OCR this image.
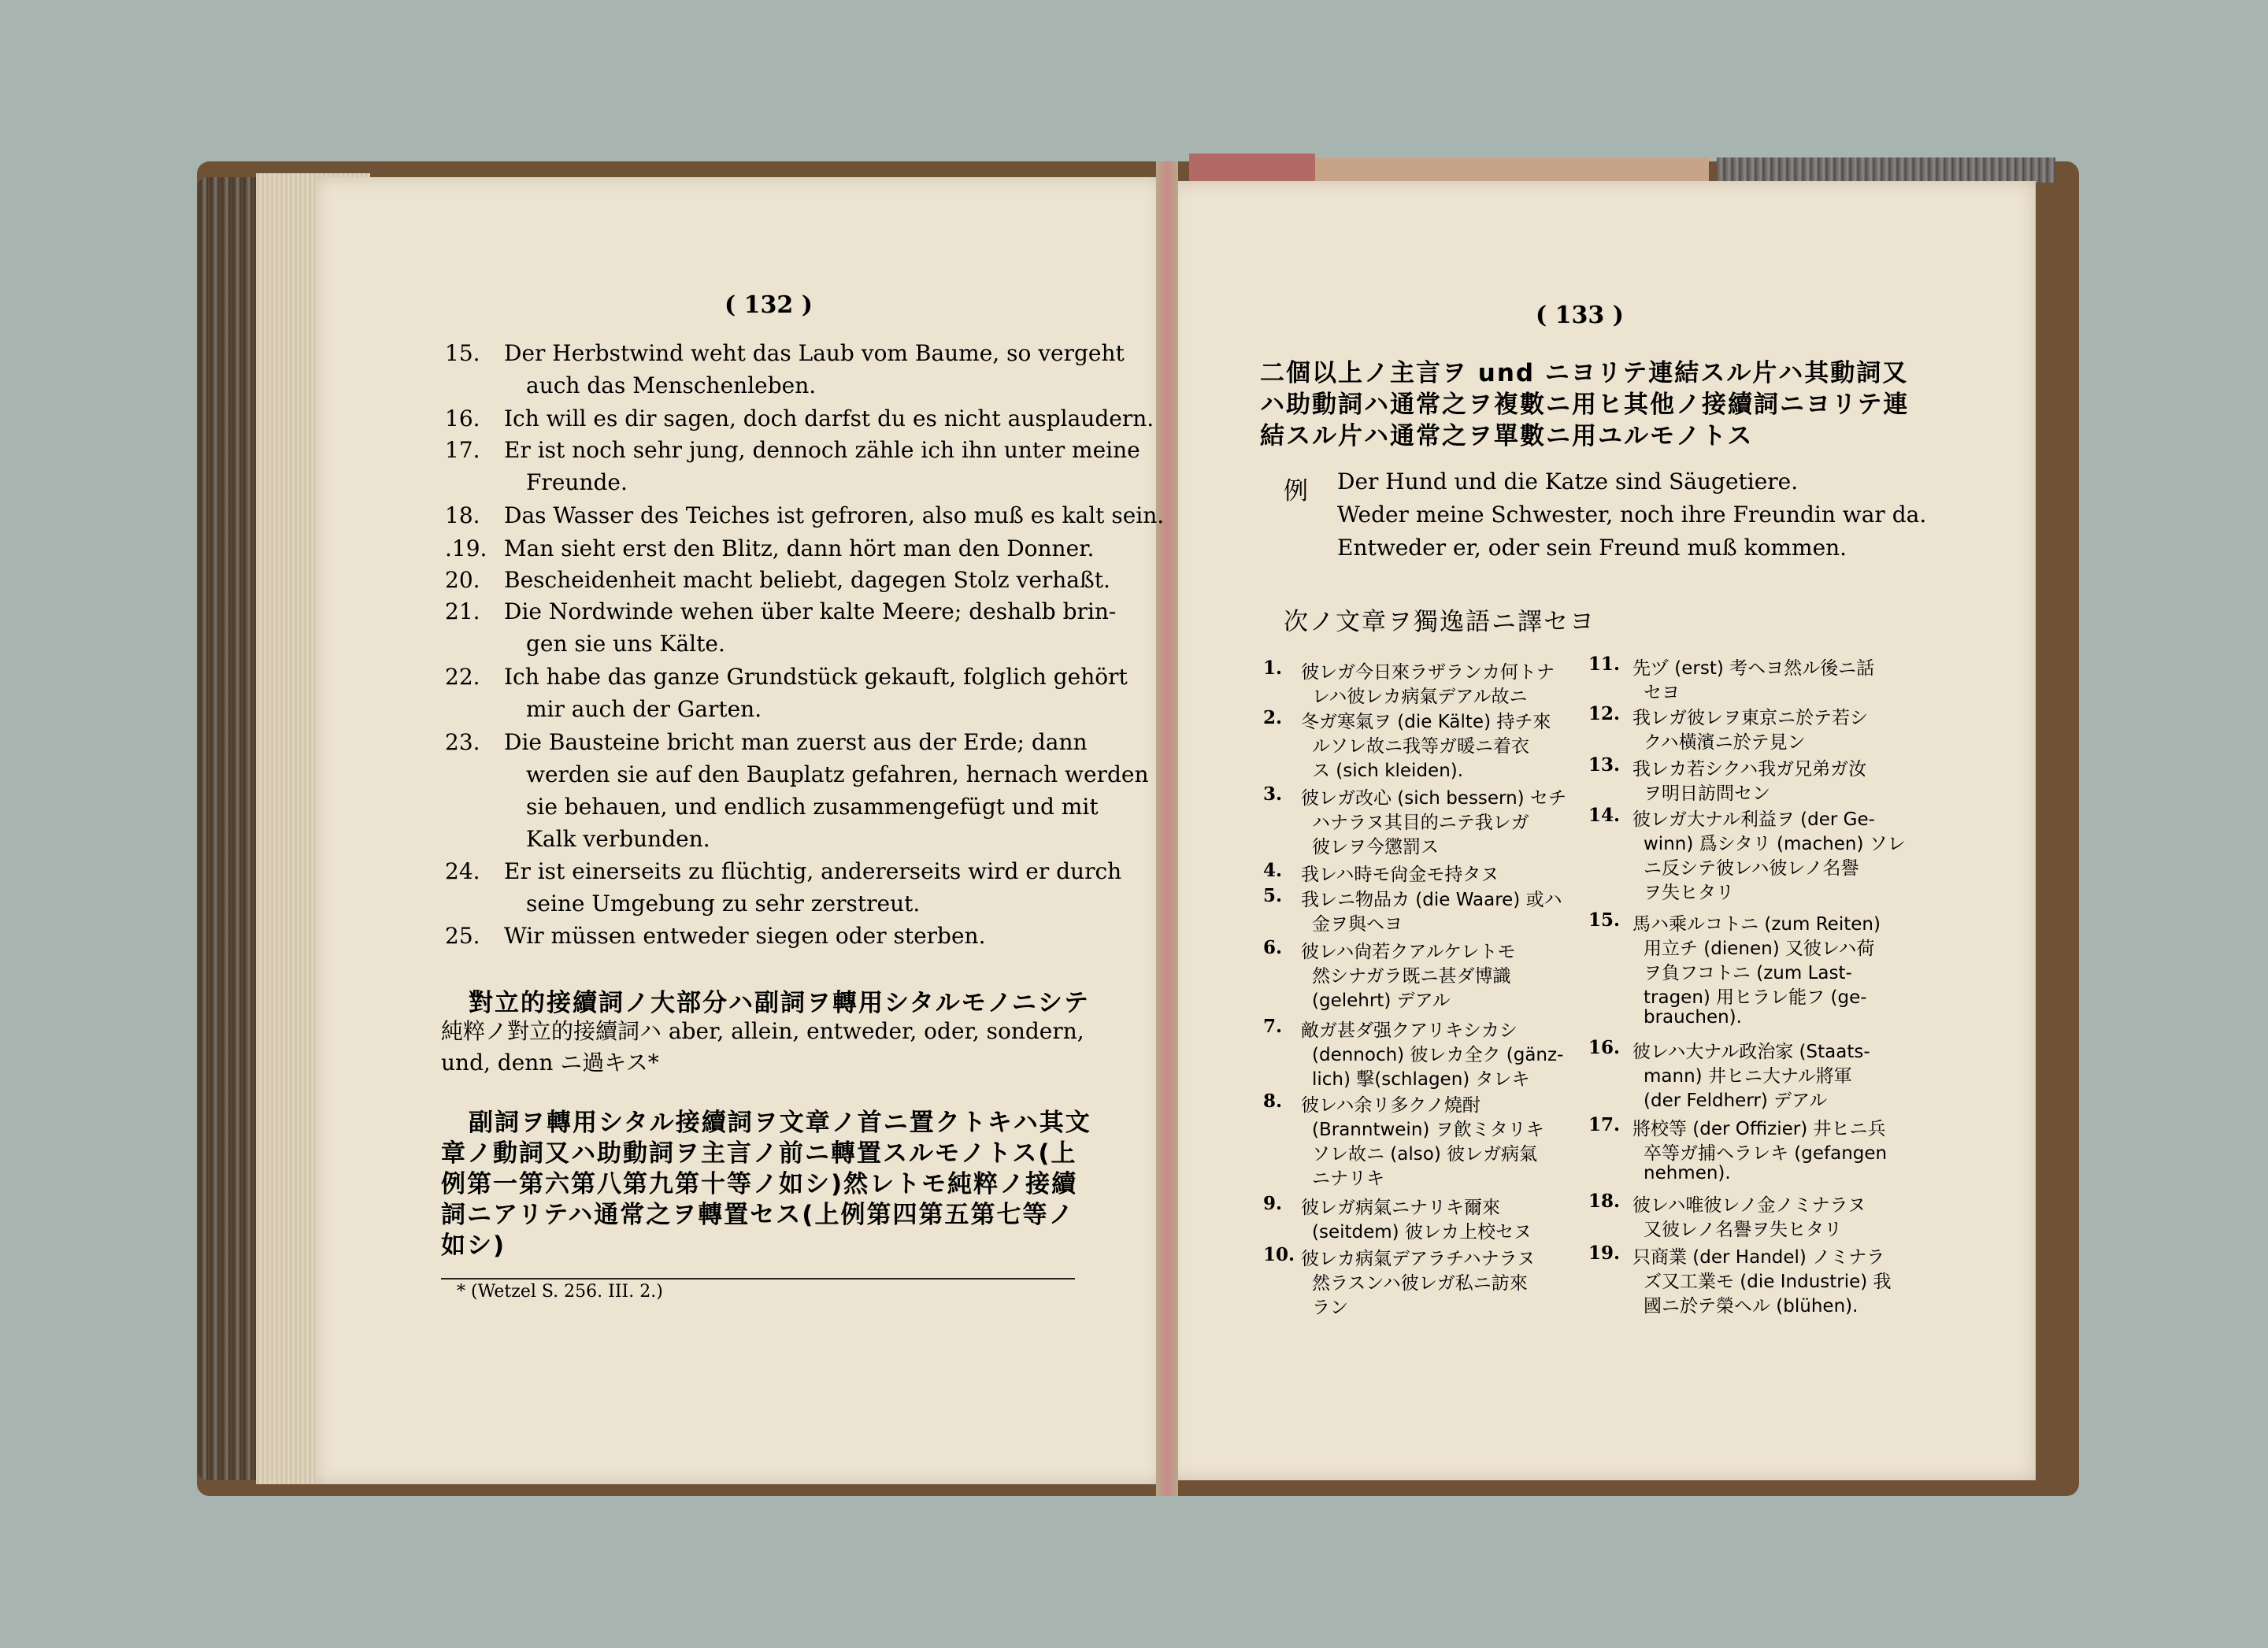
( 132 )
15. Der Herbstwind weht das Laub vom Baume, so vergeht
auch das Menschenleben.
16. Ich will es dir sagen, doch darfst du es nicht ausplaudern.
17. Er ist noch sehr jung, dennoch zähle ich ihn unter meine
Freunde.
18. Das Wasser des Teiches ist gefroren, also muß es kalt sein.
.19. Man sieht erst den Blitz, dann hört man den Donner.
20. Bescheidenheit macht beliebt, dagegen Stolz verhaßt.
21. Die Nordwinde wehen über kalte Meere; deshalb brin-
gen sie uns Kälte.
22. Ich habe das ganze Grundstück gekauft, folglich gehört
mir auch der Garten.
23. Die Bausteine bricht man zuerst aus der Erde; dann
werden sie auf den Bauplatz gefahren, hernach werden
sie behauen, und endlich zusammengefügt und mit
Kalk verbunden.
24. Er ist einerseits zu flüchtig, andererseits wird er durch
seine Umgebung zu sehr zerstreut.
25. Wir müssen entweder siegen oder sterben.
對立的接續詞ノ大部分ハ副詞ヲ轉用シタルモノニシテ
純粹ノ對立的接續詞ハ aber, allein, entweder, oder, sondern,
und, denn ニ過キス*
副詞ヲ轉用シタル接續詞ヲ文章ノ首ニ置クトキハ其文
章ノ動詞又ハ助動詞ヲ主言ノ前ニ轉置スルモノトス(上
例第一第六第八第九第十等ノ如シ)然レトモ純粹ノ接續
詞ニアリテハ通常之ヲ轉置セス(上例第四第五第七等ノ
如シ)
* (Wetzel S. 256. III. 2.)
( 133 )
二個以上ノ主言ヲ und ニヨリテ連結スル片ハ其動詞又
ハ助動詞ハ通常之ヲ複數ニ用ヒ其他ノ接續詞ニヨリテ連
結スル片ハ通常之ヲ單數ニ用ユルモノトス
例 Der Hund und die Katze sind Säugetiere.
Weder meine Schwester, noch ihre Freundin war da.
Entweder er, oder sein Freund muß kommen.
次ノ文章ヲ獨逸語ニ譯セヨ
1. 彼レガ今日來ラザランカ何トナ
レハ彼レカ病氣デアル故ニ
2. 冬ガ寒氣ヲ (die Kälte) 持チ來
ルソレ故ニ我等ガ暖ニ着衣
ス (sich kleiden).
3. 彼レガ改心 (sich bessern) セチ
ハナラヌ其目的ニテ我レガ
彼レヲ今懲罰ス
4. 我レハ時モ尙金モ持タヌ
5. 我レニ物品カ (die Waare) 或ハ
金ヲ與ヘヨ
6. 彼レハ尙若クアルケレトモ
然シナガラ既ニ甚ダ博識
(gelehrt) デアル
7. 敵ガ甚ダ强クアリキシカシ
(dennoch) 彼レカ全ク (gänz-
lich) 擊(schlagen) タレキ
8. 彼レハ余リ多クノ燒酎
(Branntwein) ヲ飮ミタリキ
ソレ故ニ (also) 彼レガ病氣
ニナリキ
9. 彼レガ病氣ニナリキ爾來
(seitdem) 彼レカ上校セヌ
10. 彼レカ病氣デアラチハナラヌ
然ラスンハ彼レガ私ニ訪來
ラン
11. 先ヅ (erst) 考ヘヨ然ル後ニ話
セヨ
12. 我レガ彼レヲ東京ニ於テ若シ
クハ橫濱ニ於テ見ン
13. 我レカ若シクハ我ガ兄弟ガ汝
ヲ明日訪問セン
14. 彼レガ大ナル利益ヲ (der Ge-
winn) 爲シタリ (machen) ソレ
ニ反シテ彼レハ彼レノ名譽
ヲ失ヒタリ
15. 馬ハ乘ルコトニ (zum Reiten)
用立チ (dienen) 又彼レハ荷
ヲ負フコトニ (zum Last-
tragen) 用ヒラレ能フ (ge-
brauchen).
16. 彼レハ大ナル政治家 (Staats-
mann) 井ヒニ大ナル將軍
(der Feldherr) デアル
17. 將校等 (der Offizier) 井ヒニ兵
卒等ガ捕ヘラレキ (gefangen
nehmen).
18. 彼レハ唯彼レノ金ノミナラヌ
又彼レノ名譽ヲ失ヒタリ
19. 只商業 (der Handel) ノミナラ
ズ又工業モ (die Industrie) 我
國ニ於テ榮ヘル (blühen).
